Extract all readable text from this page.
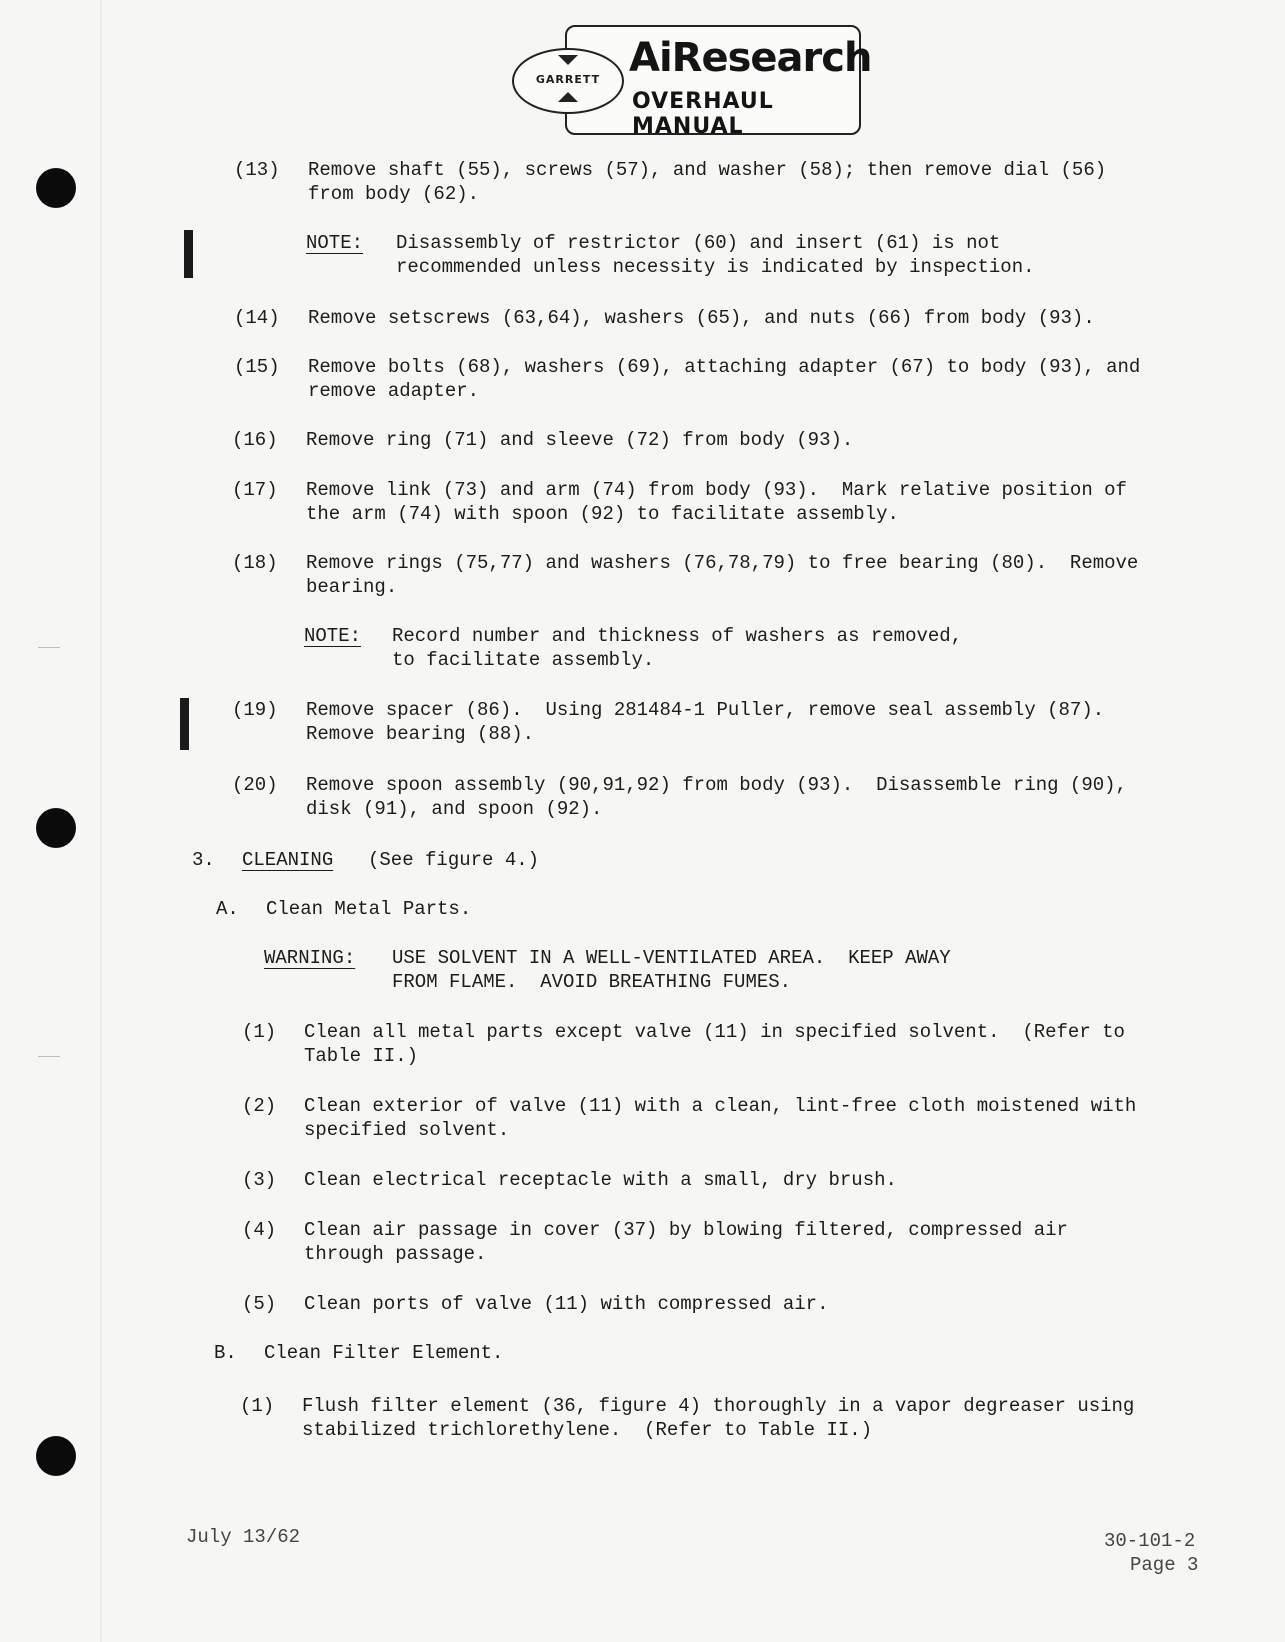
AiResearch
OVERHAUL MANUAL
GARRETT
(13) Remove shaft (55), screws (57), and washer (58); then remove dial (56)
from body (62).
NOTE: Disassembly of restrictor (60) and insert (61) is not
recommended unless necessity is indicated by inspection.
(14) Remove setscrews (63,64), washers (65), and nuts (66) from body (93).
(15) Remove bolts (68), washers (69), attaching adapter (67) to body (93), and
remove adapter.
(16) Remove ring (71) and sleeve (72) from body (93).
(17) Remove link (73) and arm (74) from body (93).  Mark relative position of
the arm (74) with spoon (92) to facilitate assembly.
(18) Remove rings (75,77) and washers (76,78,79) to free bearing (80).  Remove
bearing.
NOTE: Record number and thickness of washers as removed,
to facilitate assembly.
(19) Remove spacer (86).  Using 281484-1 Puller, remove seal assembly (87).
Remove bearing (88).
(20) Remove spoon assembly (90,91,92) from body (93).  Disassemble ring (90),
disk (91), and spoon (92).
3. CLEANING (See figure 4.)
A. Clean Metal Parts.
WARNING: USE SOLVENT IN A WELL-VENTILATED AREA.  KEEP AWAY
FROM FLAME.  AVOID BREATHING FUMES.
(1) Clean all metal parts except valve (11) in specified solvent.  (Refer to
Table II.)
(2) Clean exterior of valve (11) with a clean, lint-free cloth moistened with
specified solvent.
(3) Clean electrical receptacle with a small, dry brush.
(4) Clean air passage in cover (37) by blowing filtered, compressed air
through passage.
(5) Clean ports of valve (11) with compressed air.
B. Clean Filter Element.
(1) Flush filter element (36, figure 4) thoroughly in a vapor degreaser using
stabilized trichlorethylene.  (Refer to Table II.)
July 13/62	30-101-2
Page 3
